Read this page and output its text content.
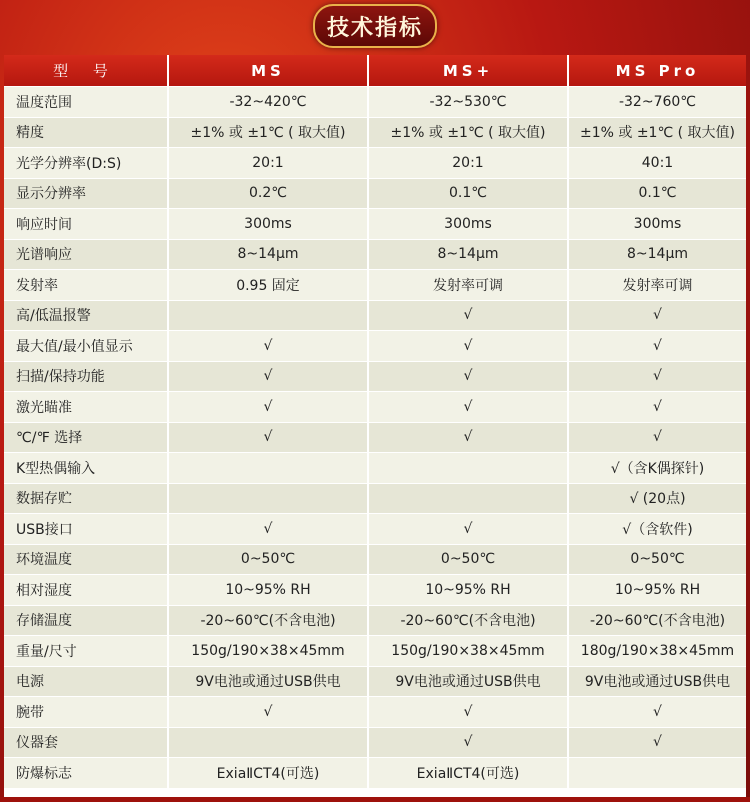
技术指标
型 号	MS	MS+	MS Pro
温度范围	-32~420℃	-32~530℃	-32~760℃
精度	±1% 或 ±1℃ ( 取大值)	±1% 或 ±1℃ ( 取大值)	±1% 或 ±1℃ ( 取大值)
光学分辨率(D:S)	20:1	20:1	40:1
显示分辨率	0.2℃	0.1℃	0.1℃
响应时间	300ms	300ms	300ms
光谱响应	8~14μm	8~14μm	8~14μm
发射率	0.95 固定	发射率可调	发射率可调
高/低温报警		√	√
最大值/最小值显示	√	√	√
扫描/保持功能	√	√	√
激光瞄准	√	√	√
℃/℉ 选择	√	√	√
K型热偶输入			√（含K偶探针)
数据存贮			√ (20点)
USB接口	√	√	√（含软件)
环境温度	0~50℃	0~50℃	0~50℃
相对湿度	10~95% RH	10~95% RH	10~95% RH
存储温度	-20~60℃(不含电池)	-20~60℃(不含电池)	-20~60℃(不含电池)
重量/尺寸	150g/190×38×45mm	150g/190×38×45mm	180g/190×38×45mm
电源	9V电池或通过USB供电	9V电池或通过USB供电	9V电池或通过USB供电
腕带	√	√	√
仪器套		√	√
防爆标志	ExiaⅡCT4(可选)	ExiaⅡCT4(可选)	
